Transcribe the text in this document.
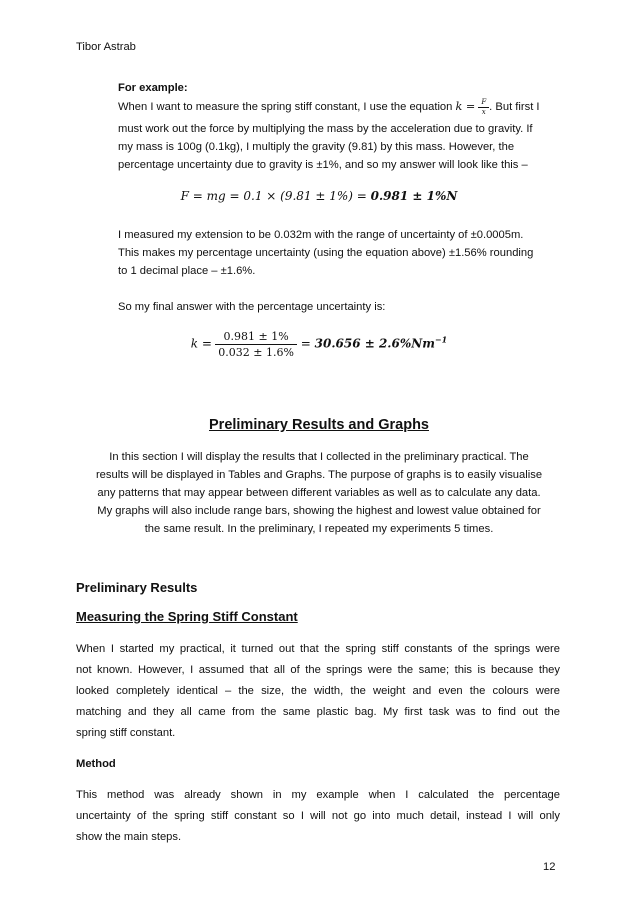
Tibor Astrab
For example:
When I want to measure the spring stiff constant, I use the equation $k = \frac{F}{x}$ . But first I
must work out the force by multiplying the mass by the acceleration due to gravity. If
my mass is 100g (0.1kg), I multiply the gravity (9.81) by this mass. However, the
percentage uncertainty due to gravity is ±1%, and so my answer will look like this –
F = mg = 0.1 × (9.81 ± 1%) = 0.981 ± 1%N
I measured my extension to be 0.032m with the range of uncertainty of ±0.0005m.
This makes my percentage uncertainty (using the equation above) ±1.56% rounding
to 1 decimal place – ±1.6%.
So my final answer with the percentage uncertainty is:
$k = \frac{0.981 \pm 1\%}{0.032 \pm 1.6\%} = 30.656 \pm 2.6\%Nm^{-1}$
Preliminary Results and Graphs
In this section I will display the results that I collected in the preliminary practical. The
results will be displayed in Tables and Graphs. The purpose of graphs is to easily visualise
any patterns that may appear between different variables as well as to calculate any data.
My graphs will also include range bars, showing the highest and lowest value obtained for
the same result. In the preliminary, I repeated my experiments 5 times.
Preliminary Results
Measuring the Spring Stiff Constant
When I started my practical, it turned out that the spring stiff constants of the springs were
not known. However, I assumed that all of the springs were the same; this is because they
looked completely identical – the size, the width, the weight and even the colours were
matching and they all came from the same plastic bag. My first task was to find out the
spring stiff constant.
Method
This method was already shown in my example when I calculated the percentage
uncertainty of the spring stiff constant so I will not go into much detail, instead I will only
show the main steps.
12
